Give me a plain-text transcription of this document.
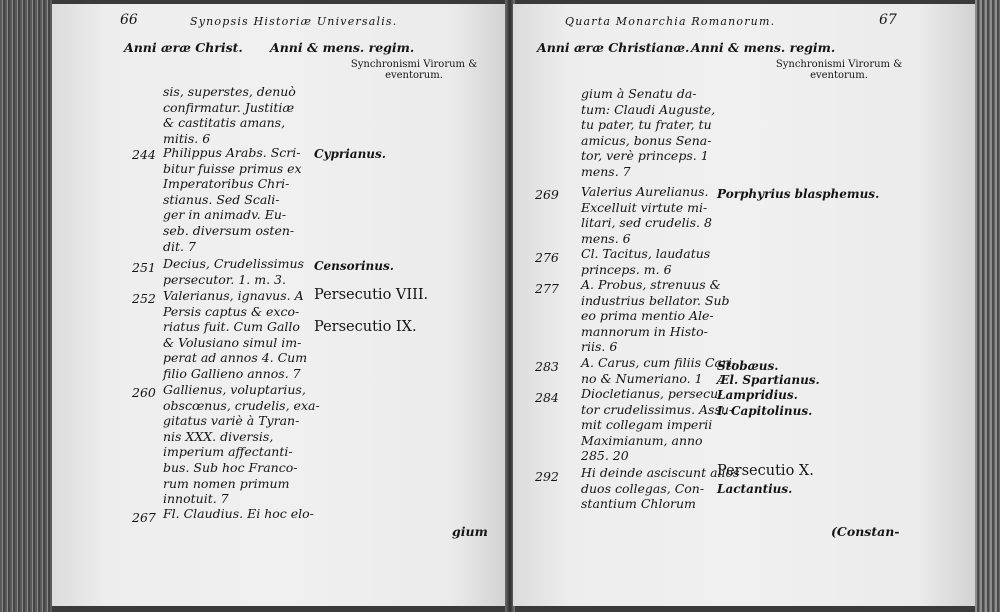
66	Synopsis Historiæ Universalis.
Anni æræ Christ. Anni & mens. regim.
Synchronismi Virorum &
eventorum.
sis, superstes, denuò
confirmatur. Justitiæ
& castitatis amans,
mitis. 6
244 Philippus Arabs. Scri-
bitur fuisse primus ex
Imperatoribus Chri-
stianus. Sed Scali-
ger in animadv. Eu-
seb. diversum osten-
dit. 7
Cyprianus.
251 Decius, Crudelissimus
persecutor. 1. m. 3.
Censorinus.
252 Valerianus, ignavus. A
Persis captus & exco-
riatus fuit. Cum Gallo
& Volusiano simul im-
perat ad annos 4. Cum
filio Gallieno annos. 7
Persecutio VIII.
Persecutio IX.
260 Gallienus, voluptarius,
obscœnus, crudelis, exa-
gitatus variè à Tyran-
nis XXX. diversis,
imperium affectanti-
bus. Sub hoc Franco-
rum nomen primum
innotuit. 7
267 Fl. Claudius. Ei hoc elo-
gium
Quarta Monarchia Romanorum.	67
Anni æræ Christianæ. Anni & mens. regim.
Synchronismi Virorum &
eventorum.
gium à Senatu da-
tum: Claudi Auguste,
tu pater, tu frater, tu
amicus, bonus Sena-
tor, verè princeps. 1
mens. 7
269 Valerius Aurelianus.
Excelluit virtute mi-
litari, sed crudelis. 8
mens. 6
Porphyrius blasphemus.
276 Cl. Tacitus, laudatus
princeps. m. 6
277 A. Probus, strenuus &
industrius bellator. Sub
eo prima mentio Ale-
mannorum in Histo-
riis. 6
283 A. Carus, cum filiis Cari-
no & Numeriano. 1
Stobæus.
284 Diocletianus, persecu-
tor crudelissimus. Assu-
mit collegam imperii
Maximianum, anno
285. 20
Æl. Spartianus.
Lampridius.
I. Capitolinus.
292 Hi deinde asciscunt alios
duos collegas, Con-
stantium Chlorum
Persecutio X.
Lactantius.
(Constan-
